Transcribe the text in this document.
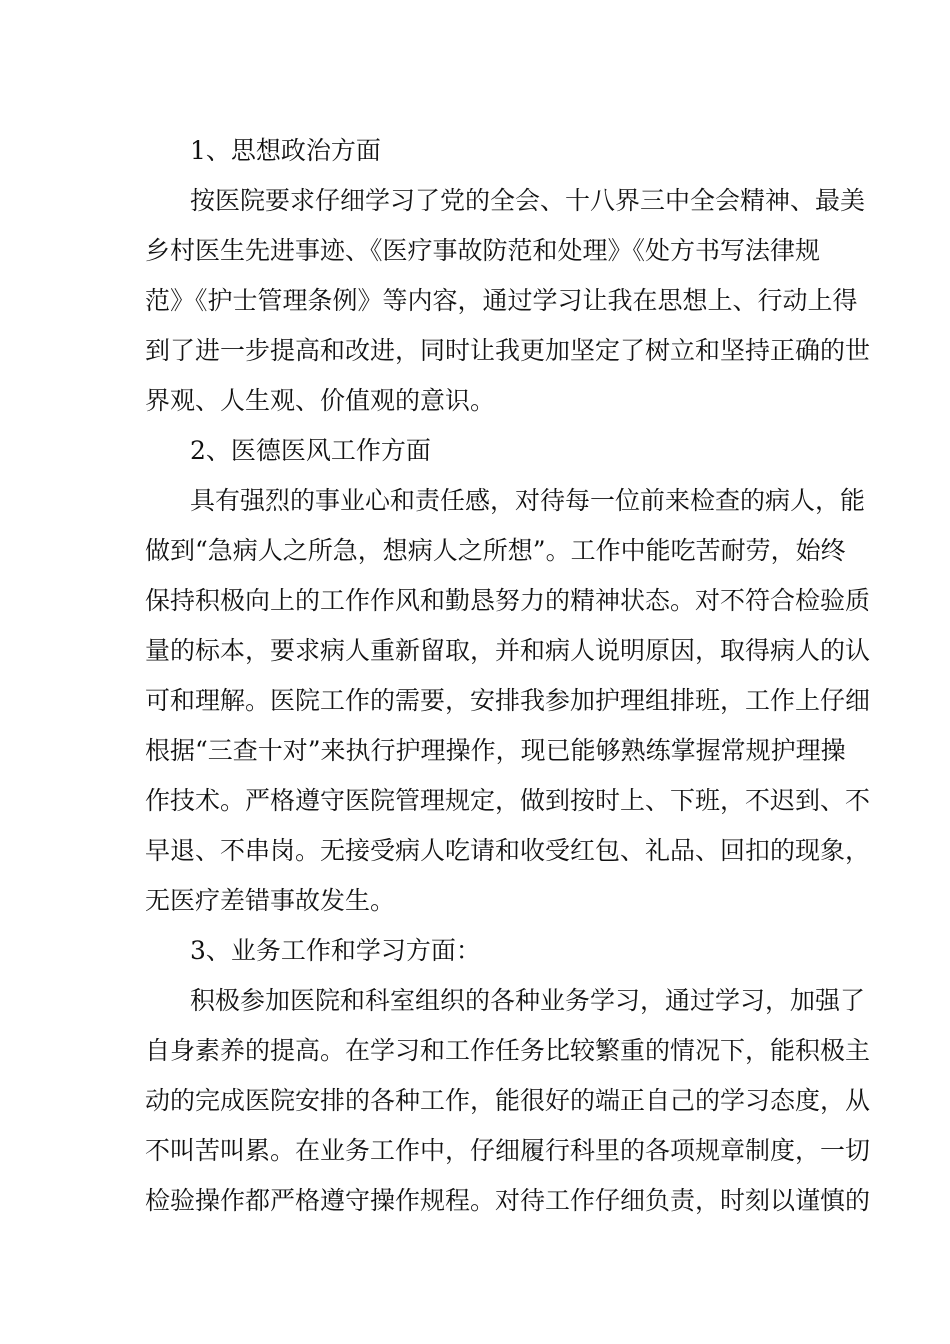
1、思想政治方面
按医院要求仔细学习了党的全会、十八界三中全会精神、最美
乡村医生先进事迹、《医疗事故防范和处理》《处方书写法律规
范》《护士管理条例》等内容，通过学习让我在思想上、行动上得
到了进一步提高和改进，同时让我更加坚定了树立和坚持正确的世
界观、人生观、价值观的意识。
2、医德医风工作方面
具有强烈的事业心和责任感，对待每一位前来检查的病人，能
做到“急病人之所急，想病人之所想”。工作中能吃苦耐劳，始终
保持积极向上的工作作风和勤恳努力的精神状态。对不符合检验质
量的标本，要求病人重新留取，并和病人说明原因，取得病人的认
可和理解。医院工作的需要，安排我参加护理组排班，工作上仔细
根据“三查十对”来执行护理操作，现已能够熟练掌握常规护理操
作技术。严格遵守医院管理规定，做到按时上、下班，不迟到、不
早退、不串岗。无接受病人吃请和收受红包、礼品、回扣的现象，
无医疗差错事故发生。
3、业务工作和学习方面：
积极参加医院和科室组织的各种业务学习，通过学习，加强了
自身素养的提高。在学习和工作任务比较繁重的情况下，能积极主
动的完成医院安排的各种工作，能很好的端正自己的学习态度，从
不叫苦叫累。在业务工作中，仔细履行科里的各项规章制度，一切
检验操作都严格遵守操作规程。对待工作仔细负责，时刻以谨慎的
